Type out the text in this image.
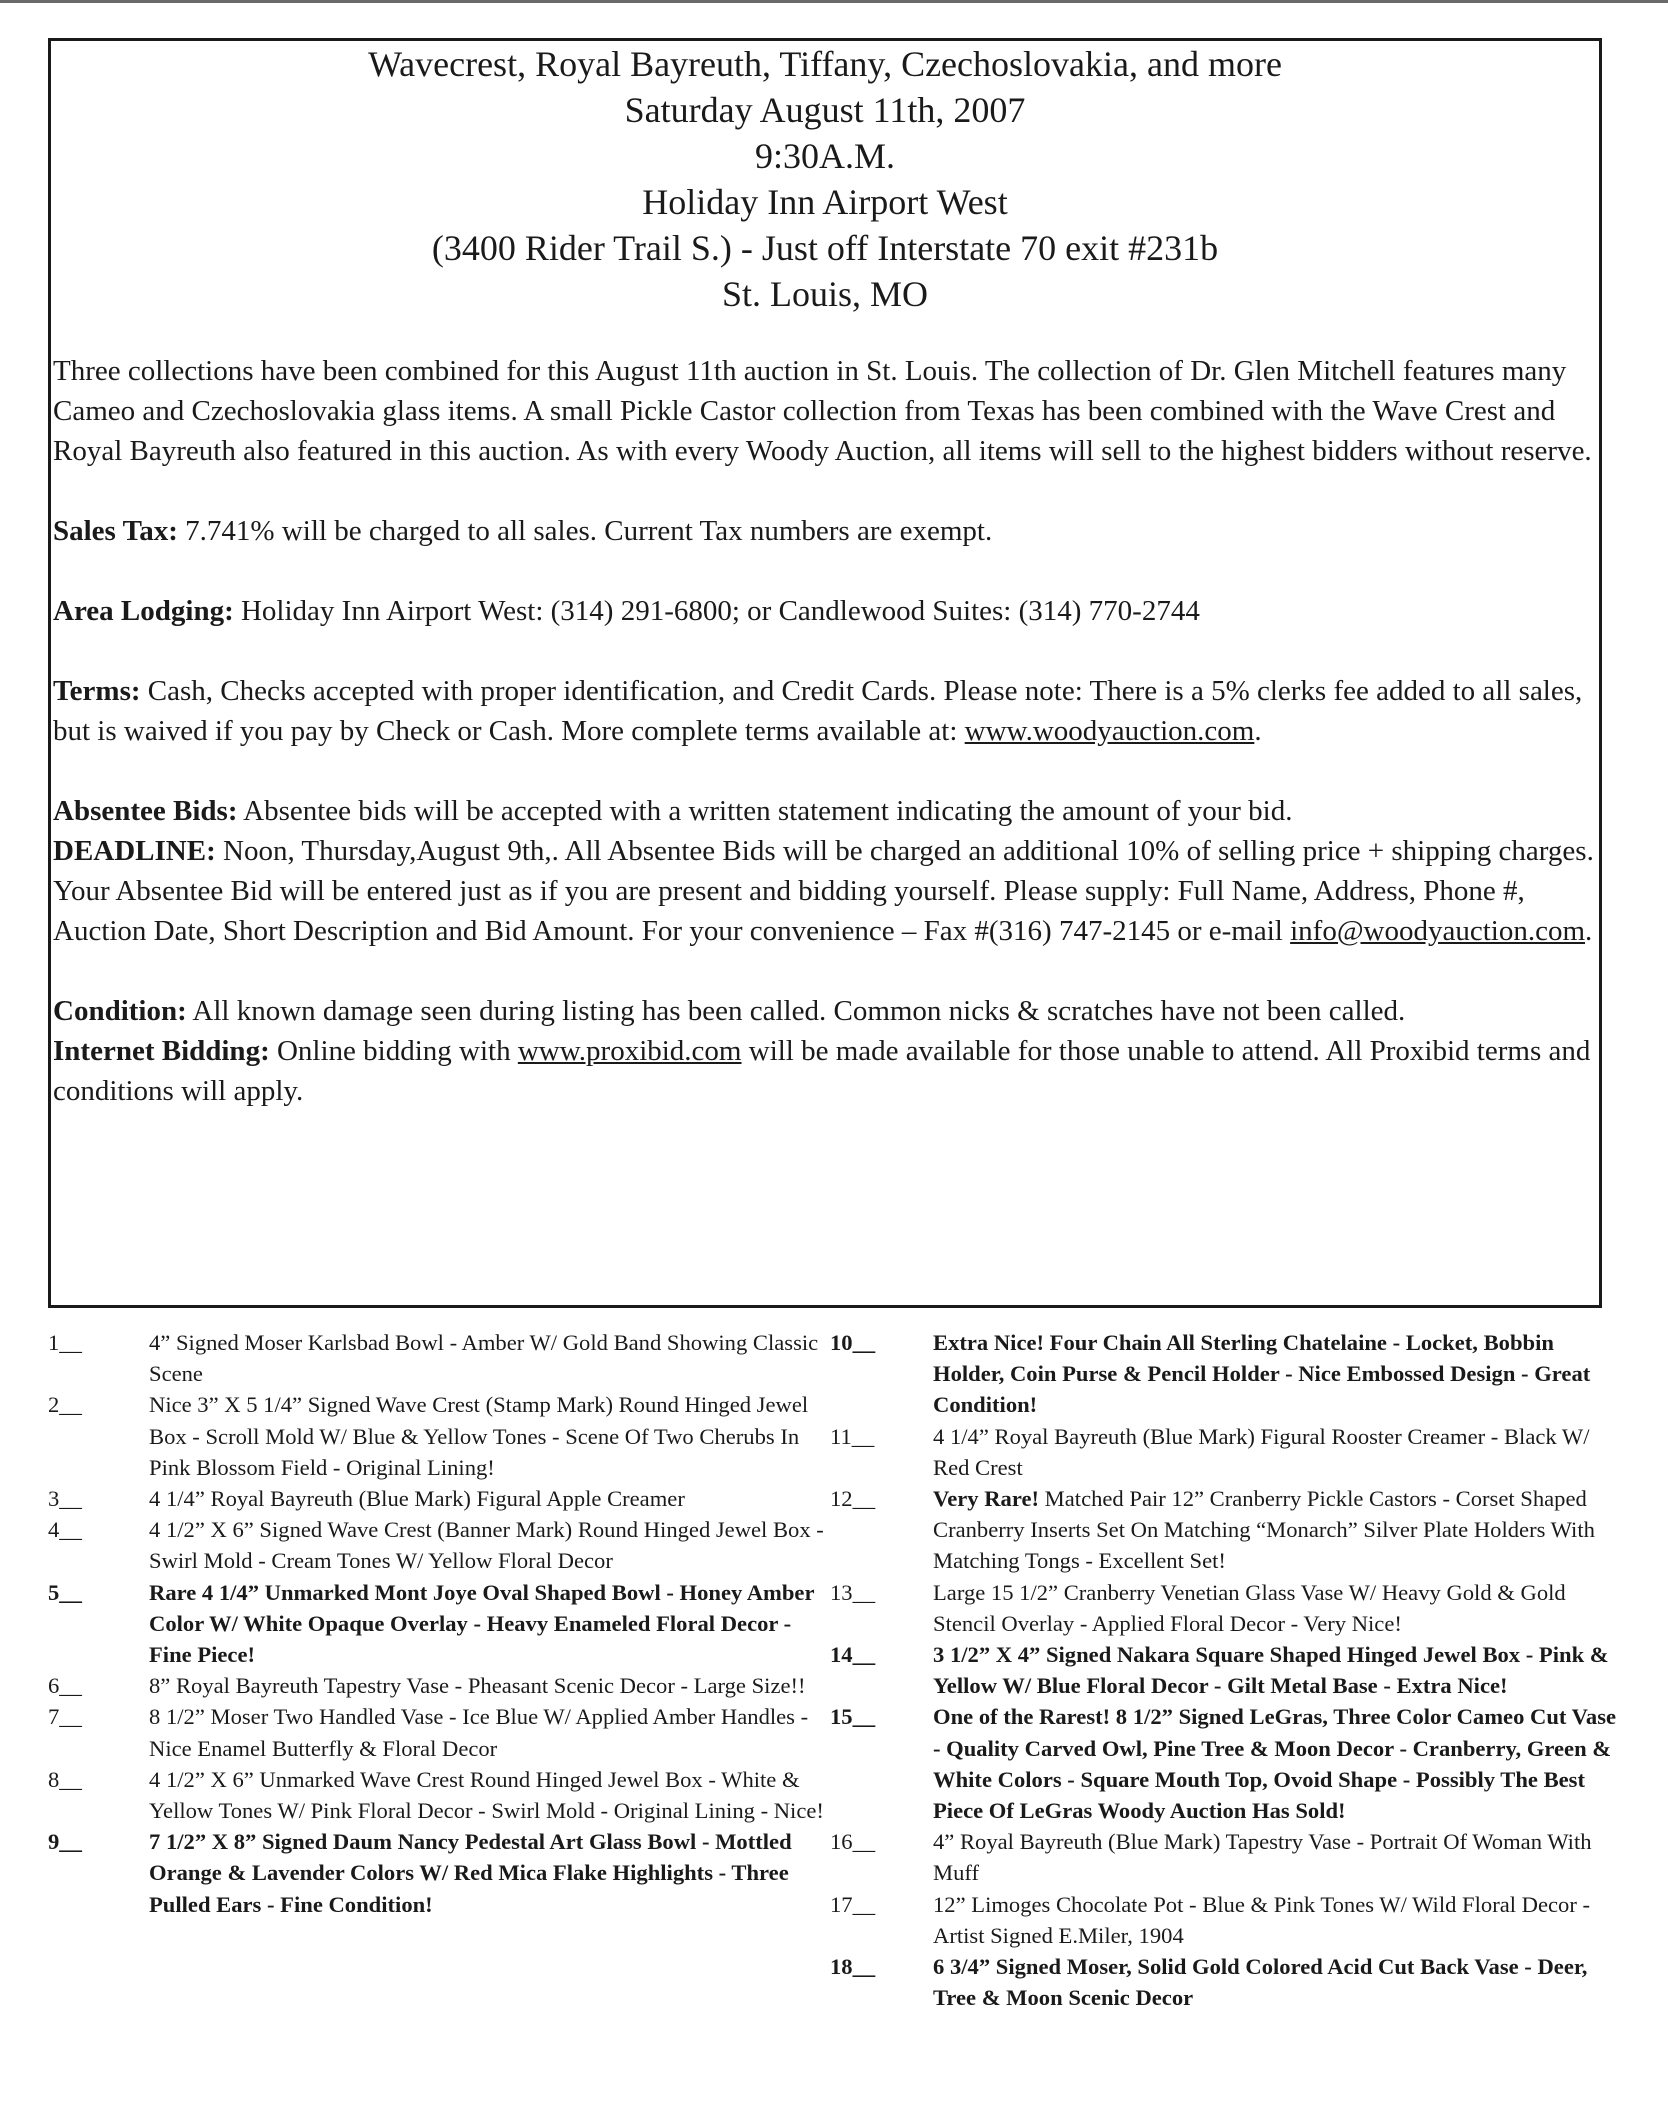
Wavecrest, Royal Bayreuth, Tiffany, Czechoslovakia, and more
Saturday August 11th, 2007
9:30A.M.
Holiday Inn Airport West
(3400 Rider Trail S.) - Just off Interstate 70 exit #231b
St. Louis, MO

Three collections have been combined for this August 11th auction in St. Louis. The collection of Dr. Glen Mitchell features many Cameo and Czechoslovakia glass items. A small Pickle Castor collection from Texas has been combined with the Wave Crest and Royal Bayreuth also featured in this auction. As with every Woody Auction, all items will sell to the highest bidders without reserve.

Sales Tax: 7.741% will be charged to all sales. Current Tax numbers are exempt.

Area Lodging: Holiday Inn Airport West: (314) 291-6800; or Candlewood Suites: (314) 770-2744

Terms: Cash, Checks accepted with proper identification, and Credit Cards. Please note: There is a 5% clerks fee added to all sales, but is waived if you pay by Check or Cash. More complete terms available at: www.woodyauction.com.

Absentee Bids: Absentee bids will be accepted with a written statement indicating the amount of your bid.

DEADLINE: Noon, Thursday,August 9th,. All Absentee Bids will be charged an additional 10% of selling price + shipping charges. Your Absentee Bid will be entered just as if you are present and bidding yourself. Please supply: Full Name, Address, Phone #, Auction Date, Short Description and Bid Amount. For your convenience – Fax #(316) 747-2145 or e-mail info@woodyauction.com.

Condition: All known damage seen during listing has been called. Common nicks & scratches have not been called.

Internet Bidding: Online bidding with www.proxibid.com will be made available for those unable to attend. All Proxibid terms and conditions will apply.

1__	4” Signed Moser Karlsbad Bowl - Amber W/ Gold Band Showing Classic Scene
2__	Nice 3” X 5 1/4” Signed Wave Crest (Stamp Mark) Round Hinged Jewel Box - Scroll Mold W/ Blue & Yellow Tones - Scene Of Two Cherubs In Pink Blossom Field - Original Lining!
3__	4 1/4” Royal Bayreuth (Blue Mark) Figural Apple Creamer
4__	4 1/2” X 6” Signed Wave Crest (Banner Mark) Round Hinged Jewel Box - Swirl Mold - Cream Tones W/ Yellow Floral Decor
5__	Rare 4 1/4” Unmarked Mont Joye Oval Shaped Bowl - Honey Amber Color W/ White Opaque Overlay - Heavy Enameled Floral Decor - Fine Piece!
6__	8” Royal Bayreuth Tapestry Vase - Pheasant Scenic Decor - Large Size!!
7__	8 1/2” Moser Two Handled Vase - Ice Blue W/ Applied Amber Handles - Nice Enamel Butterfly & Floral Decor
8__	4 1/2” X 6” Unmarked Wave Crest Round Hinged Jewel Box - White & Yellow Tones W/ Pink Floral Decor - Swirl Mold - Original Lining - Nice!
9__	7 1/2” X 8” Signed Daum Nancy Pedestal Art Glass Bowl - Mottled Orange & Lavender Colors W/ Red Mica Flake Highlights - Three Pulled Ears - Fine Condition!
10__	Extra Nice! Four Chain All Sterling Chatelaine - Locket, Bobbin Holder, Coin Purse & Pencil Holder - Nice Embossed Design - Great Condition!
11__	4 1/4” Royal Bayreuth (Blue Mark) Figural Rooster Creamer - Black W/ Red Crest
12__	Very Rare! Matched Pair 12” Cranberry Pickle Castors - Corset Shaped Cranberry Inserts Set On Matching “Monarch” Silver Plate Holders With Matching Tongs - Excellent Set!
13__	Large 15 1/2” Cranberry Venetian Glass Vase W/ Heavy Gold & Gold Stencil Overlay - Applied Floral Decor - Very Nice!
14__	3 1/2” X 4” Signed Nakara Square Shaped Hinged Jewel Box - Pink & Yellow W/ Blue Floral Decor - Gilt Metal Base - Extra Nice!
15__	One of the Rarest! 8 1/2” Signed LeGras, Three Color Cameo Cut Vase - Quality Carved Owl, Pine Tree & Moon Decor - Cranberry, Green & White Colors - Square Mouth Top, Ovoid Shape - Possibly The Best Piece Of LeGras Woody Auction Has Sold!
16__	4” Royal Bayreuth (Blue Mark) Tapestry Vase - Portrait Of Woman With Muff
17__	12” Limoges Chocolate Pot - Blue & Pink Tones W/ Wild Floral Decor - Artist Signed E.Miler, 1904
18__	6 3/4” Signed Moser, Solid Gold Colored Acid Cut Back Vase - Deer, Tree & Moon Scenic Decor
